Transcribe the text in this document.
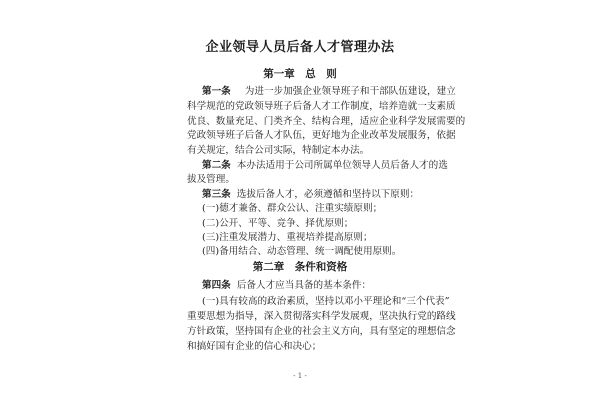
企业领导人员后备人才管理办法
第一章　总　则
第一条 为进一步加强企业领导班子和干部队伍建设，建立
科学规范的党政领导班子后备人才工作制度，培养造就一支素质
优良、数量充足、门类齐全、结构合理，适应企业科学发展需要的
党政领导班子后备人才队伍，更好地为企业改革发展服务，依据
有关规定，结合公司实际，特制定本办法。
第二条 本办法适用于公司所属单位领导人员后备人才的选
拔及管理。
第三条 选拔后备人才，必须遵循和坚持以下原则：
(一)德才兼备、群众公认、注重实绩原则；
(二)公开、平等、竞争、择优原则；
(三)注重发展潜力、重视培养提高原则；
(四)备用结合、动态管理、统一调配使用原则。
第二章　条件和资格
第四条 后备人才应当具备的基本条件：
(一)具有较高的政治素质，坚持以邓小平理论和“三个代表”
重要思想为指导，深入贯彻落实科学发展观，坚决执行党的路线
方针政策，坚持国有企业的社会主义方向，具有坚定的理想信念
和搞好国有企业的信心和决心；
- 1 -
